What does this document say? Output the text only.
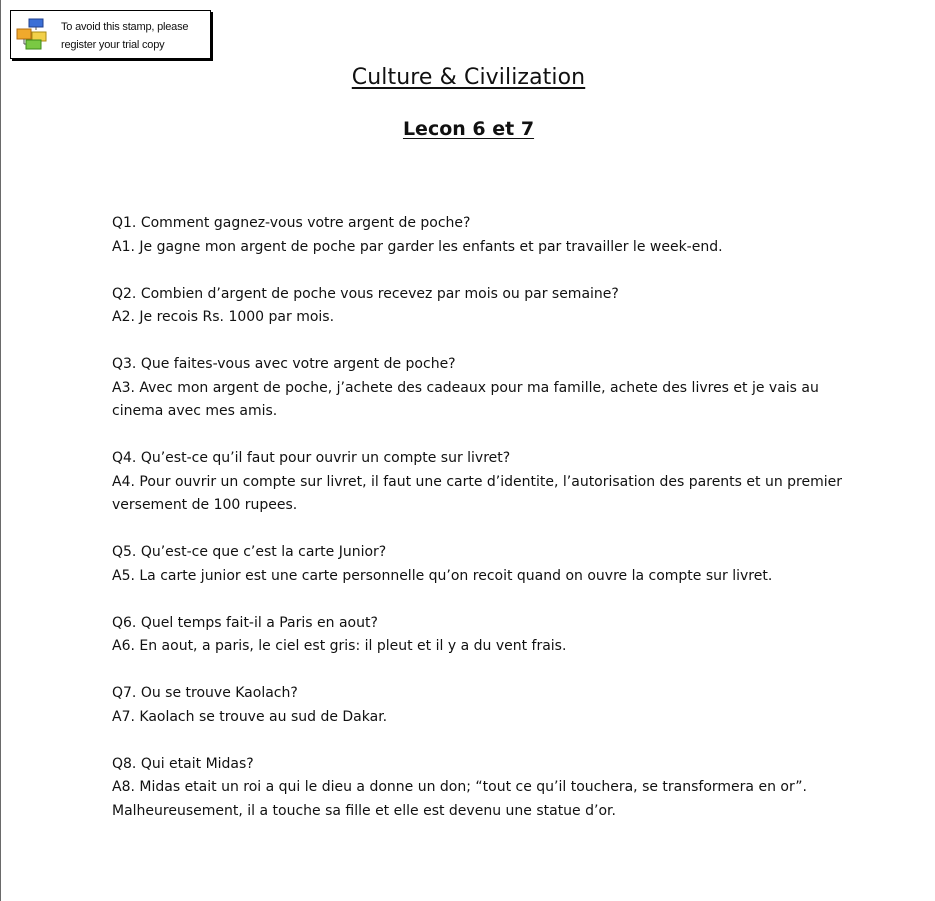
To avoid this stamp, please
register your trial copy
Culture & Civilization
Lecon 6 et 7

Q1. Comment gagnez-vous votre argent de poche?

A1. Je gagne mon argent de poche par garder les enfants et par travailler le week-end.

Q2. Combien d’argent de poche vous recevez par mois ou par semaine?

A2. Je recois Rs. 1000 par mois.

Q3. Que faites-vous avec votre argent de poche?

A3. Avec mon argent de poche, j’achete des cadeaux pour ma famille, achete des livres et je vais au

cinema avec mes amis.

Q4. Qu’est-ce qu’il faut pour ouvrir un compte sur livret?

A4. Pour ouvrir un compte sur livret, il faut une carte d’identite, l’autorisation des parents et un premier

versement de 100 rupees.

Q5. Qu’est-ce que c’est la carte Junior?

A5. La carte junior est une carte personnelle qu’on recoit quand on ouvre la compte sur livret.

Q6. Quel temps fait-il a Paris en aout?

A6. En aout, a paris, le ciel est gris: il pleut et il y a du vent frais.

Q7. Ou se trouve Kaolach?

A7. Kaolach se trouve au sud de Dakar.

Q8. Qui etait Midas?

A8. Midas etait un roi a qui le dieu a donne un don; “tout ce qu’il touchera, se transformera en or”.

Malheureusement, il a touche sa fille et elle est devenu une statue d’or.
